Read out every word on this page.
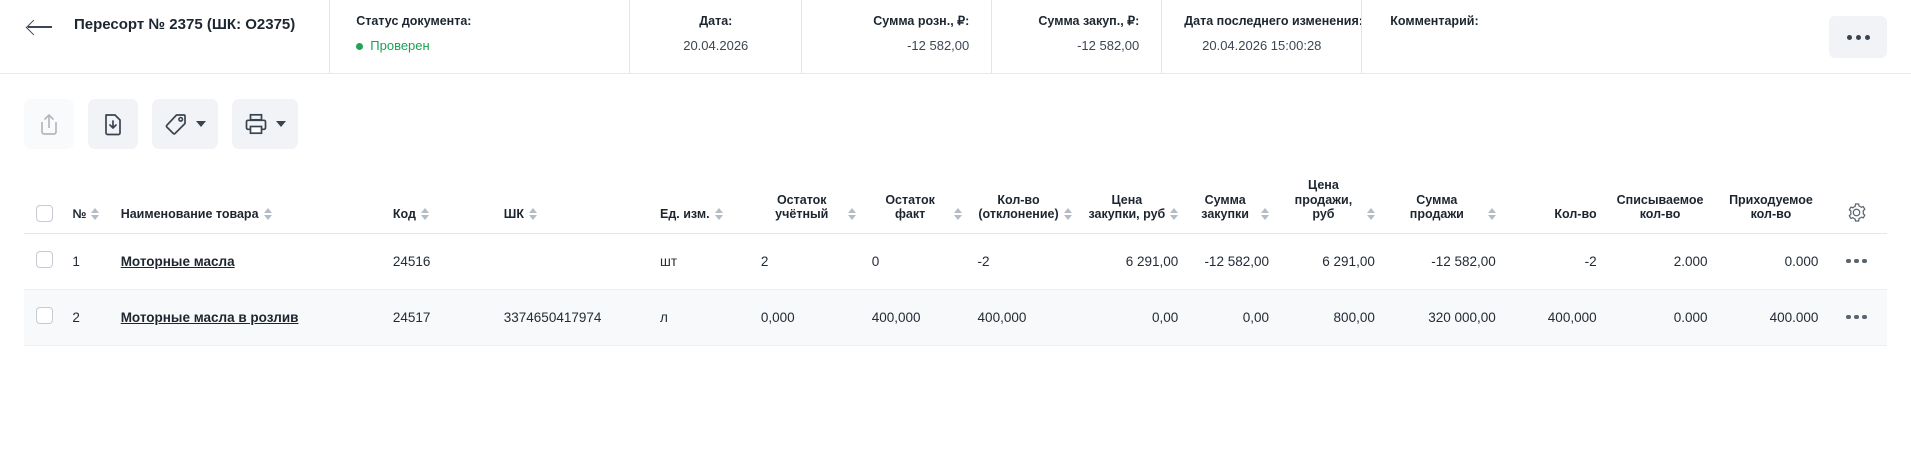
Пересорт № 2375 (ШК: О2375)	Статус документа:
Проверен
Дата:
20.04.2026
Сумма розн., ₽:
-12 582,00
Сумма закуп., ₽:
-12 582,00
Дата последнего изменения:
20.04.2026 15:00:28
Комментарий:

	№	Наименование товара	Код	ШК	Ед. изм.	Остаток учётный	Остаток факт	Кол-во (отклонение)	Цена закупки, руб	Сумма закупки	Цена продажи, руб	Сумма продажи	Кол-во	Списываемое кол-во	Приходуемое кол-во

	1	Моторные масла	24516		шт	2	0	-2	6 291,00	-12 582,00	6 291,00	-12 582,00	-2	2.000	0.000	

	2	Моторные масла в розлив	24517	3374650417974	л	0,000	400,000	400,000	0,00	0,00	800,00	320 000,00	400,000	0.000	400.000	
